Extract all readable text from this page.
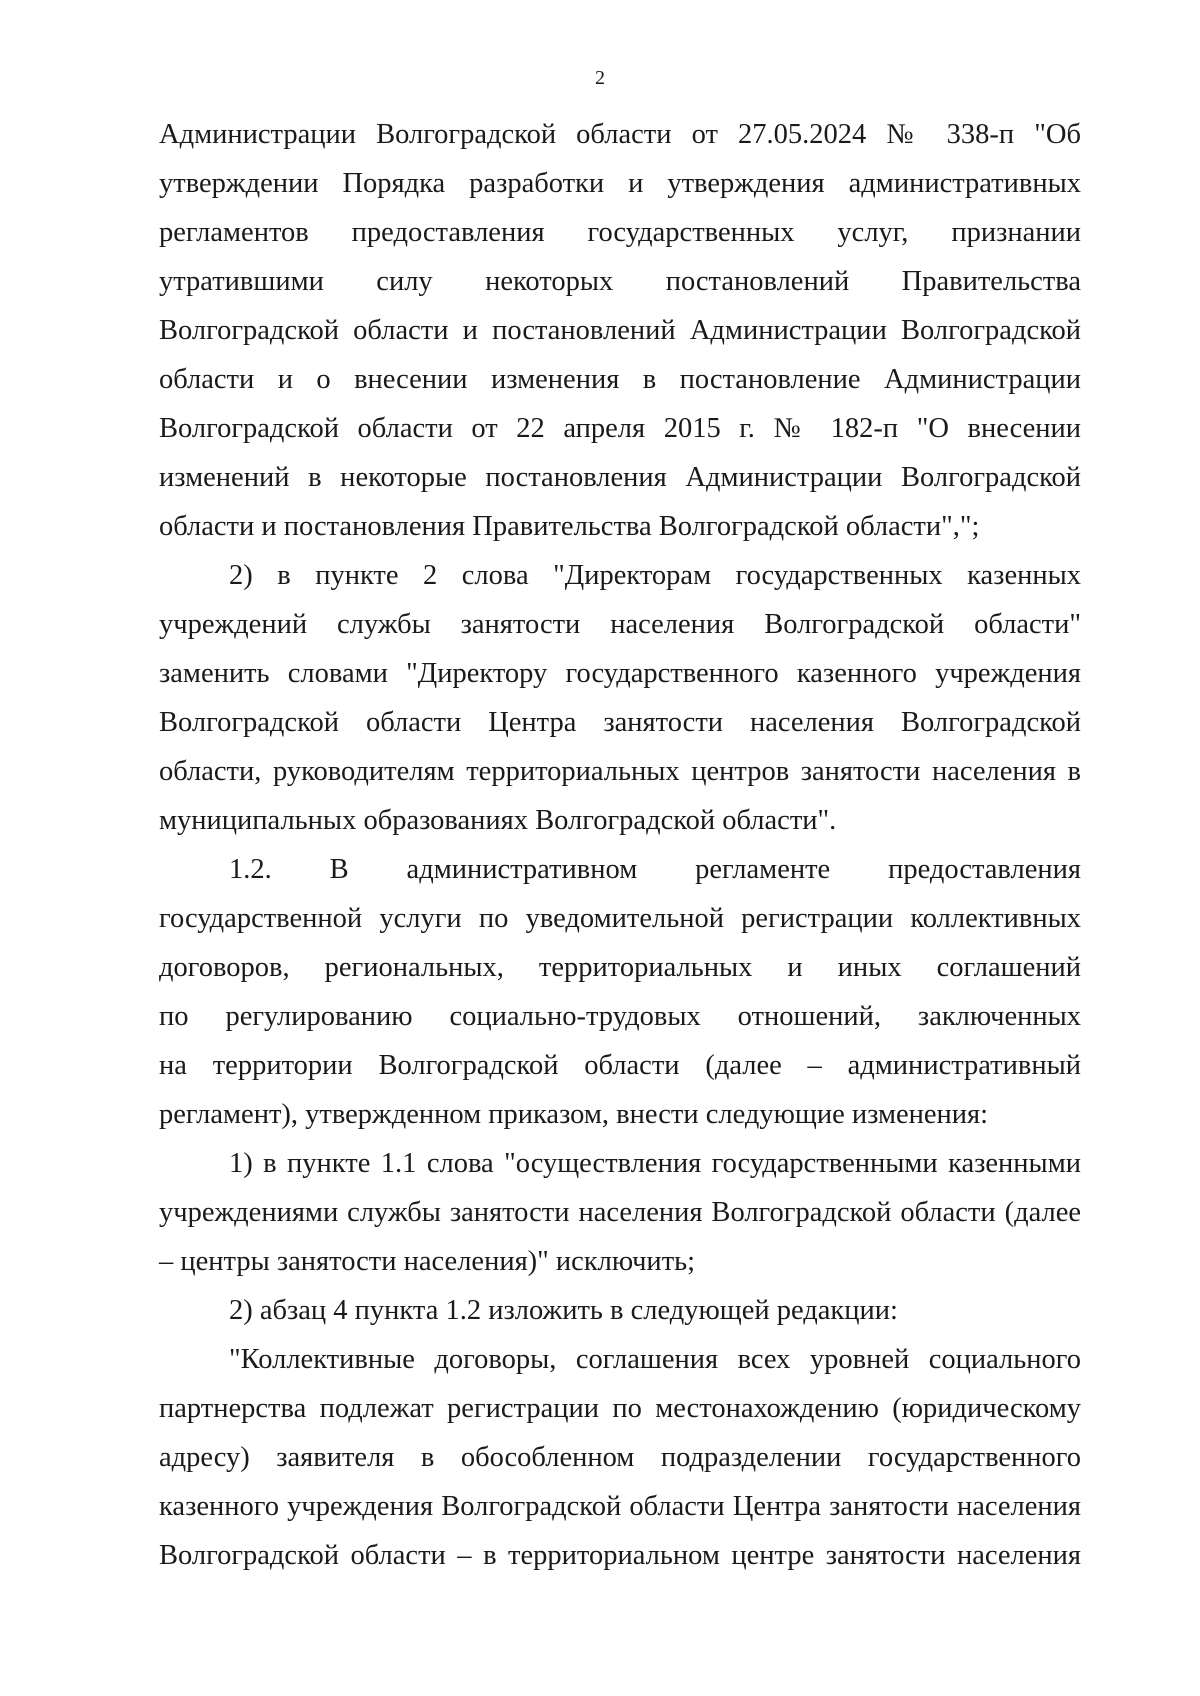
2
Администрации Волгоградской области от 27.05.2024 № 338-п "Об
утверждении Порядка разработки и утверждения административных
регламентов предоставления государственных услуг, признании
утратившими силу некоторых постановлений Правительства
Волгоградской области и постановлений Администрации Волгоградской
области и о внесении изменения в постановление Администрации
Волгоградской области от 22 апреля 2015 г. № 182-п "О внесении
изменений в некоторые постановления Администрации Волгоградской
области и постановления Правительства Волгоградской области",";
2) в пункте 2 слова "Директорам государственных казенных
учреждений службы занятости населения Волгоградской области"
заменить словами "Директору государственного казенного учреждения
Волгоградской области Центра занятости населения Волгоградской
области, руководителям территориальных центров занятости населения в
муниципальных образованиях Волгоградской области".
1.2. В административном регламенте предоставления
государственной услуги по уведомительной регистрации коллективных
договоров, региональных, территориальных и иных соглашений
по регулированию социально-трудовых отношений, заключенных
на территории Волгоградской области (далее – административный
регламент), утвержденном приказом, внести следующие изменения:
1) в пункте 1.1 слова "осуществления государственными казенными
учреждениями службы занятости населения Волгоградской области (далее
– центры занятости населения)" исключить;
2) абзац 4 пункта 1.2 изложить в следующей редакции:
"Коллективные договоры, соглашения всех уровней социального
партнерства подлежат регистрации по местонахождению (юридическому
адресу) заявителя в обособленном подразделении государственного
казенного учреждения Волгоградской области Центра занятости населения
Волгоградской области – в территориальном центре занятости населения
